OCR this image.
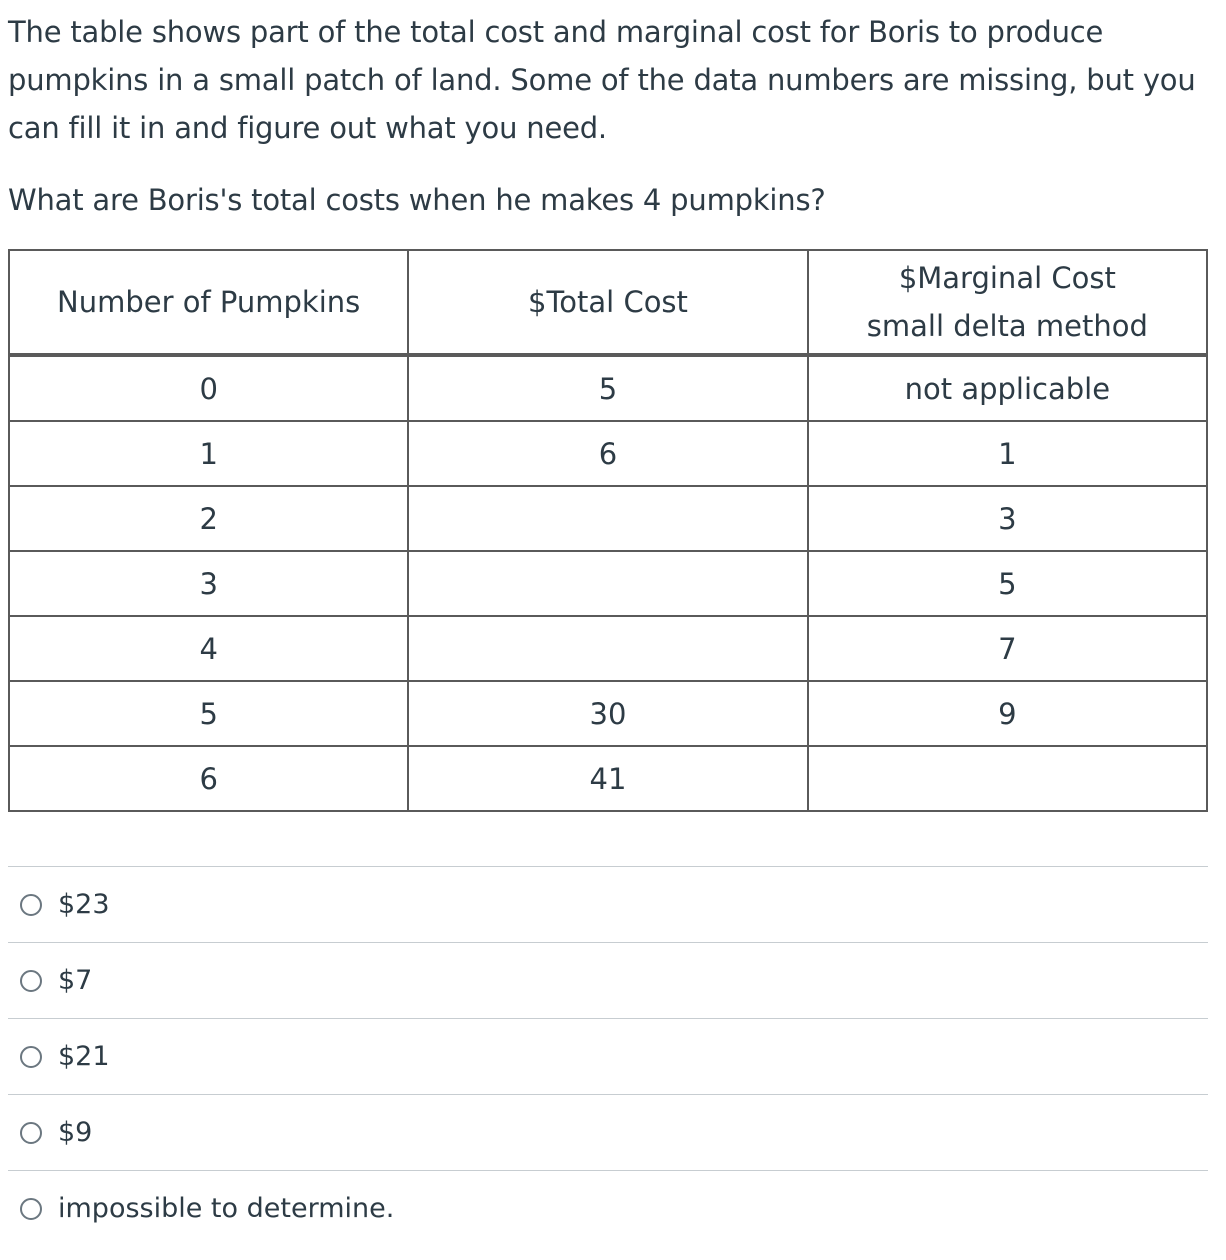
The table shows part of the total cost and marginal cost for Boris to produce pumpkins in a small patch of land. Some of the data numbers are missing, but you can fill it in and figure out what you need.

What are Boris's total costs when he makes 4 pumpkins?

Number of Pumpkins	$Total Cost	$Marginal Cost
small delta method

0	5	not applicable
1	6	1
2		3
3		5
4		7
5	30	9
6	41	
$23
$7
$21
$9
impossible to determine.
